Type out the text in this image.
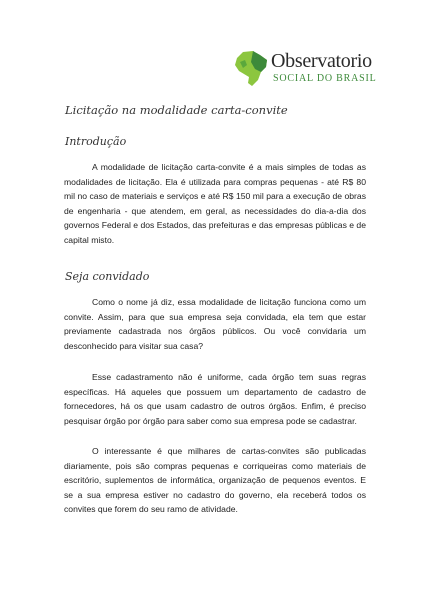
Observatorio
SOCIAL DO BRASIL
Licitação na modalidade carta-convite
Introdução

A modalidade de licitação carta-convite é a mais simples de todas as modalidades de licitação. Ela é utilizada para compras pequenas - até R$ 80 mil no caso de materiais e serviços e até R$ 150 mil para a execução de obras de engenharia - que atendem, em geral, as necessidades do dia-a-dia dos governos Federal e dos Estados, das prefeituras e das empresas públicas e de capital misto.

Seja convidado

Como o nome já diz, essa modalidade de licitação funciona como um convite. Assim, para que sua empresa seja convidada, ela tem que estar previamente cadastrada nos órgãos públicos. Ou você convidaria um desconhecido para visitar sua casa?

Esse cadastramento não é uniforme, cada órgão tem suas regras específicas. Há aqueles que possuem um departamento de cadastro de fornecedores, há os que usam cadastro de outros órgãos. Enfim, é preciso pesquisar órgão por órgão para saber como sua empresa pode se cadastrar.

O interessante é que milhares de cartas-convites são publicadas diariamente, pois são compras pequenas e corriqueiras como materiais de escritório, suplementos de informática, organização de pequenos eventos. E se a sua empresa estiver no cadastro do governo, ela receberá todos os convites que forem do seu ramo de atividade.
